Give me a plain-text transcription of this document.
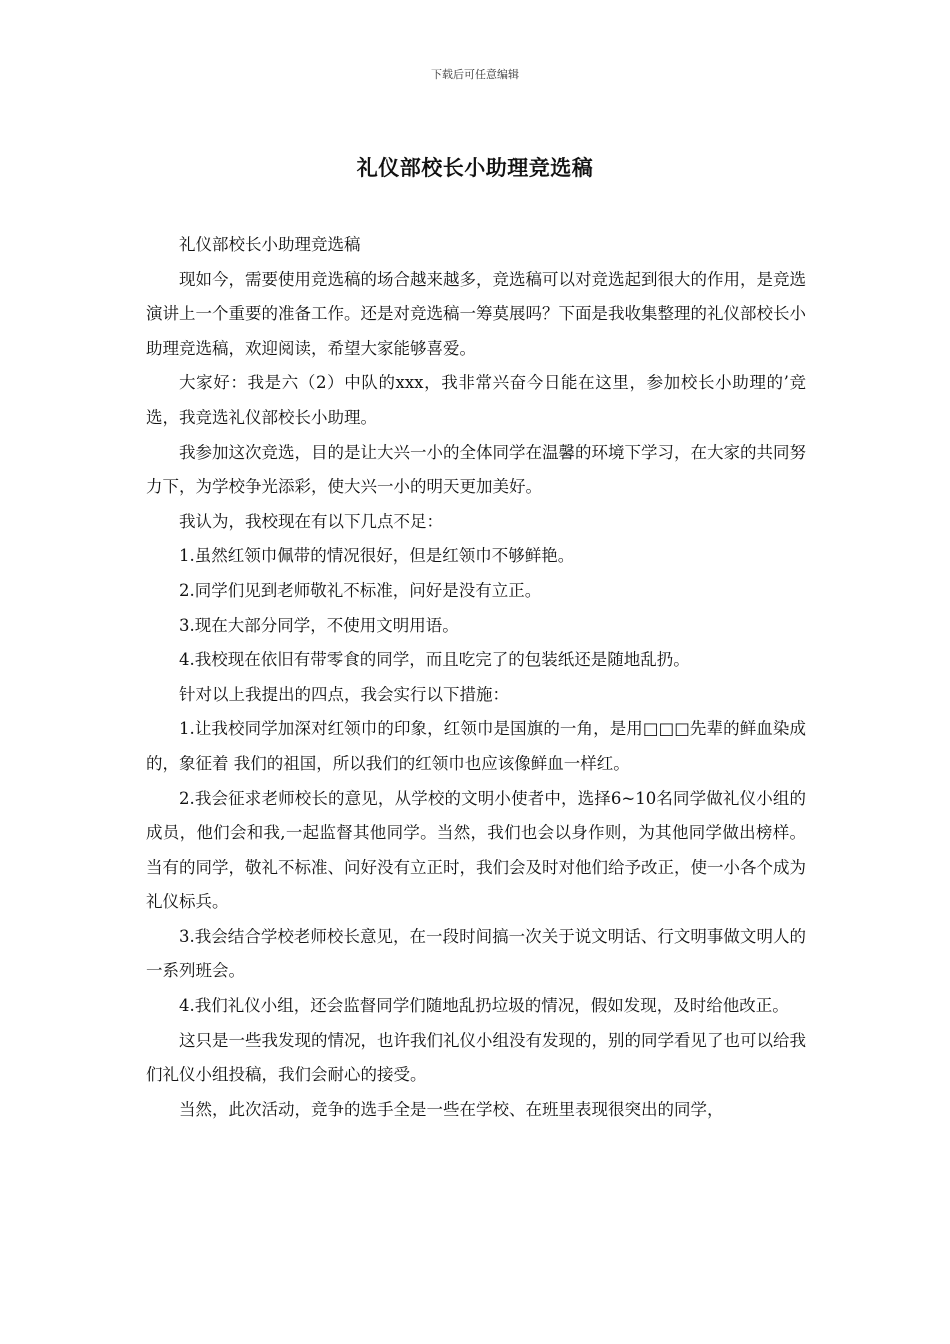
下载后可任意编辑
礼仪部校长小助理竞选稿

礼仪部校长小助理竞选稿

现如今，需要使用竞选稿的场合越来越多，竞选稿可以对竞选起到很大的作用，是竞选演讲上一个重要的准备工作。还是对竞选稿一筹莫展吗？下面是我收集整理的礼仪部校长小助理竞选稿，欢迎阅读，希望大家能够喜爱。

大家好：我是六（2）中队的xxx，我非常兴奋今日能在这里，参加校长小助理的’竞选，我竞选礼仪部校长小助理。

我参加这次竞选，目的是让大兴一小的全体同学在温馨的环境下学习，在大家的共同努力下，为学校争光添彩，使大兴一小的明天更加美好。

我认为，我校现在有以下几点不足：

1.虽然红领巾佩带的情况很好，但是红领巾不够鲜艳。

2.同学们见到老师敬礼不标准，问好是没有立正。

3.现在大部分同学，不使用文明用语。

4.我校现在依旧有带零食的同学，而且吃完了的包装纸还是随地乱扔。

针对以上我提出的四点，我会实行以下措施：

1.让我校同学加深对红领巾的印象，红领巾是国旗的一角，是用□□□先辈的鲜血染成的，象征着 我们的祖国，所以我们的红领巾也应该像鲜血一样红。

2.我会征求老师校长的意见，从学校的文明小使者中，选择6~10名同学做礼仪小组的成员，他们会和我,一起监督其他同学。当然，我们也会以身作则，为其他同学做出榜样。当有的同学，敬礼不标准、问好没有立正时，我们会及时对他们给予改正，使一小各个成为礼仪标兵。

3.我会结合学校老师校长意见，在一段时间搞一次关于说文明话、行文明事做文明人的一系列班会。

4.我们礼仪小组，还会监督同学们随地乱扔垃圾的情况，假如发现，及时给他改正。

这只是一些我发现的情况，也许我们礼仪小组没有发现的，别的同学看见了也可以给我们礼仪小组投稿，我们会耐心的接受。

当然，此次活动，竞争的选手全是一些在学校、在班里表现很突出的同学，
